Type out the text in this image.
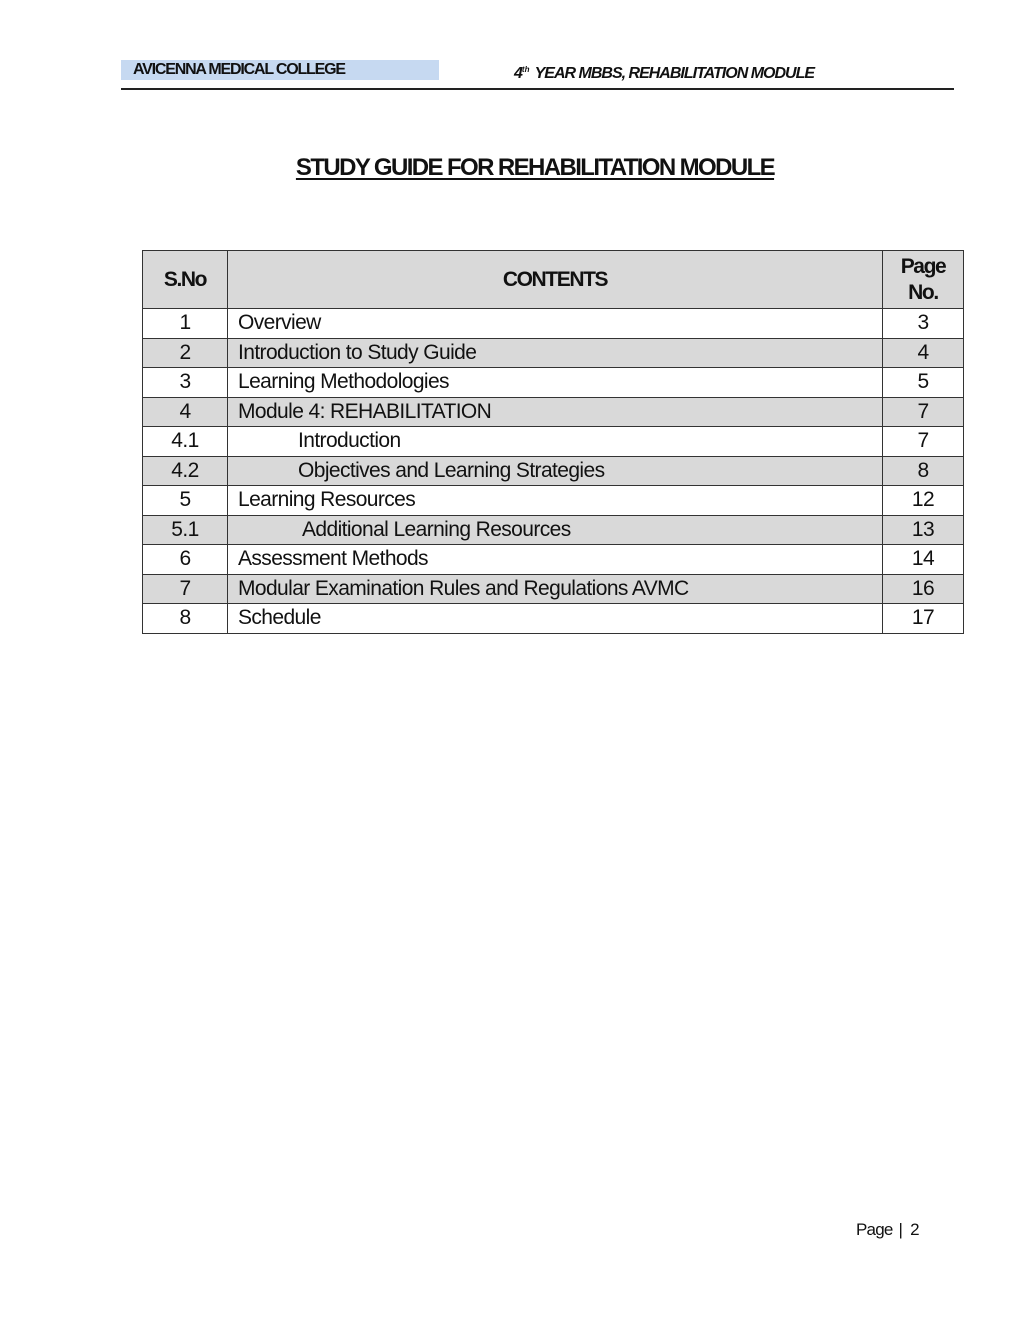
AVICENNA MEDICAL COLLEGE	4th YEAR MBBS, REHABILITATION MODULE
STUDY GUIDE FOR REHABILITATION MODULE
S.No	CONTENTS	Page
No.
1	Overview	3
2	Introduction to Study Guide	4
3	Learning Methodologies	5
4	Module 4: REHABILITATION	7
4.1	Introduction	7
4.2	Objectives and Learning Strategies	8
5	Learning Resources	12
5.1	Additional Learning Resources	13
6	Assessment Methods	14
7	Modular Examination Rules and Regulations AVMC	16
8	Schedule	17
Page | 2
